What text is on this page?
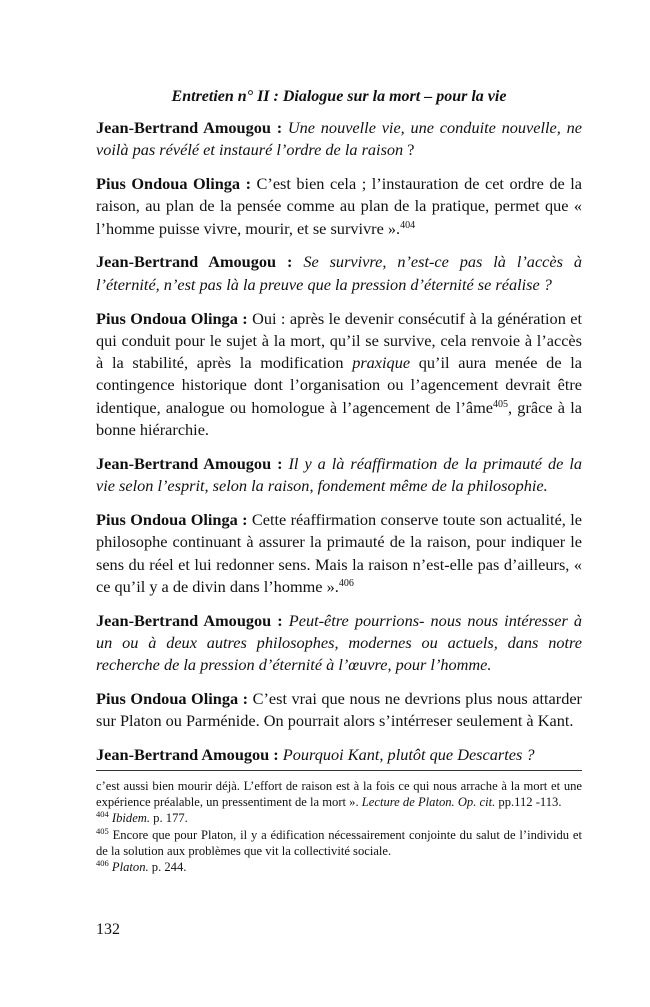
Entretien n° II : Dialogue sur la mort – pour la vie

Jean-Bertrand Amougou : Une nouvelle vie, une conduite nouvelle, ne voilà pas révélé et instauré l’ordre de la raison ?

Pius Ondoua Olinga : C’est bien cela ; l’instauration de cet ordre de la raison, au plan de la pensée comme au plan de la pratique, permet que « l’homme puisse vivre, mourir, et se survivre ».$^{404}$

Jean-Bertrand Amougou : Se survivre, n’est-ce pas là l’accès à l’éternité, n’est pas là la preuve que la pression d’éternité se réalise ?

Pius Ondoua Olinga : Oui : après le devenir consécutif à la génération et qui conduit pour le sujet à la mort, qu’il se survive, cela renvoie à l’accès à la stabilité, après la modification praxique qu’il aura menée de la contingence historique dont l’organisation ou l’agencement devrait être identique, analogue ou homologue à l’agencement de l’âme$^{405}$, grâce à la bonne hiérarchie.

Jean-Bertrand Amougou : Il y a là réaffirmation de la primauté de la vie selon l’esprit, selon la raison, fondement même de la philosophie.

Pius Ondoua Olinga : Cette réaffirmation conserve toute son actualité, le philosophe continuant à assurer la primauté de la raison, pour indiquer le sens du réel et lui redonner sens. Mais la raison n’est-elle pas d’ailleurs, « ce qu’il y a de divin dans l’homme ».$^{406}$

Jean-Bertrand Amougou : Peut-être pourrions- nous nous intéresser à un ou à deux autres philosophes, modernes ou actuels, dans notre recherche de la pression d’éternité à l’œuvre, pour l’homme.

Pius Ondoua Olinga : C’est vrai que nous ne devrions plus nous attarder sur Platon ou Parménide. On pourrait alors s’intérreser seulement à Kant.

Jean-Bertrand Amougou : Pourquoi Kant, plutôt que Descartes ?

c’est aussi bien mourir déjà. L’effort de raison est à la fois ce qui nous arrache à la mort et une expérience préalable, un pressentiment de la mort ». Lecture de Platon. Op. cit. pp.112 -113.

$^{404}$ Ibidem. p. 177.

$^{405}$ Encore que pour Platon, il y a édification nécessairement conjointe du salut de l’individu et de la solution aux problèmes que vit la collectivité sociale.

$^{406}$ Platon. p. 244.

132
